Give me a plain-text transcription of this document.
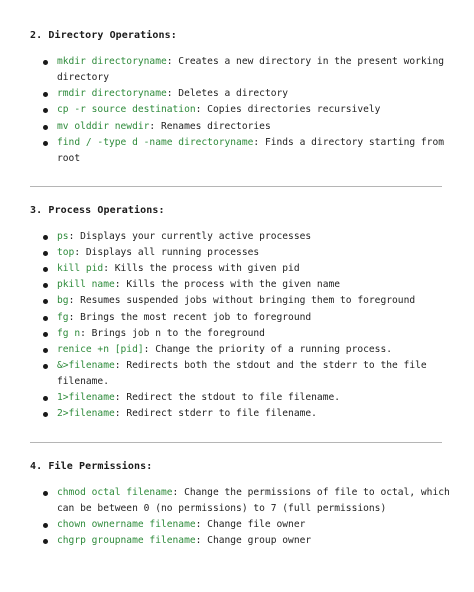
2. Directory Operations:
mkdir directoryname: Creates a new directory in the present working directory
rmdir directoryname: Deletes a directory
cp -r source destination: Copies directories recursively
mv olddir newdir: Renames directories
find / -type d -name directoryname: Finds a directory starting from root
3. Process Operations:
ps: Displays your currently active processes
top: Displays all running processes
kill pid: Kills the process with given pid
pkill name: Kills the process with the given name
bg: Resumes suspended jobs without bringing them to foreground
fg: Brings the most recent job to foreground
fg n: Brings job n to the foreground
renice +n [pid]: Change the priority of a running process.
&>filename: Redirects both the stdout and the stderr to the file filename.
1>filename: Redirect the stdout to file filename.
2>filename: Redirect stderr to file filename.
4. File Permissions:
chmod octal filename: Change the permissions of file to octal, which can be between 0 (no permissions) to 7 (full permissions)
chown ownername filename: Change file owner
chgrp groupname filename: Change group owner
